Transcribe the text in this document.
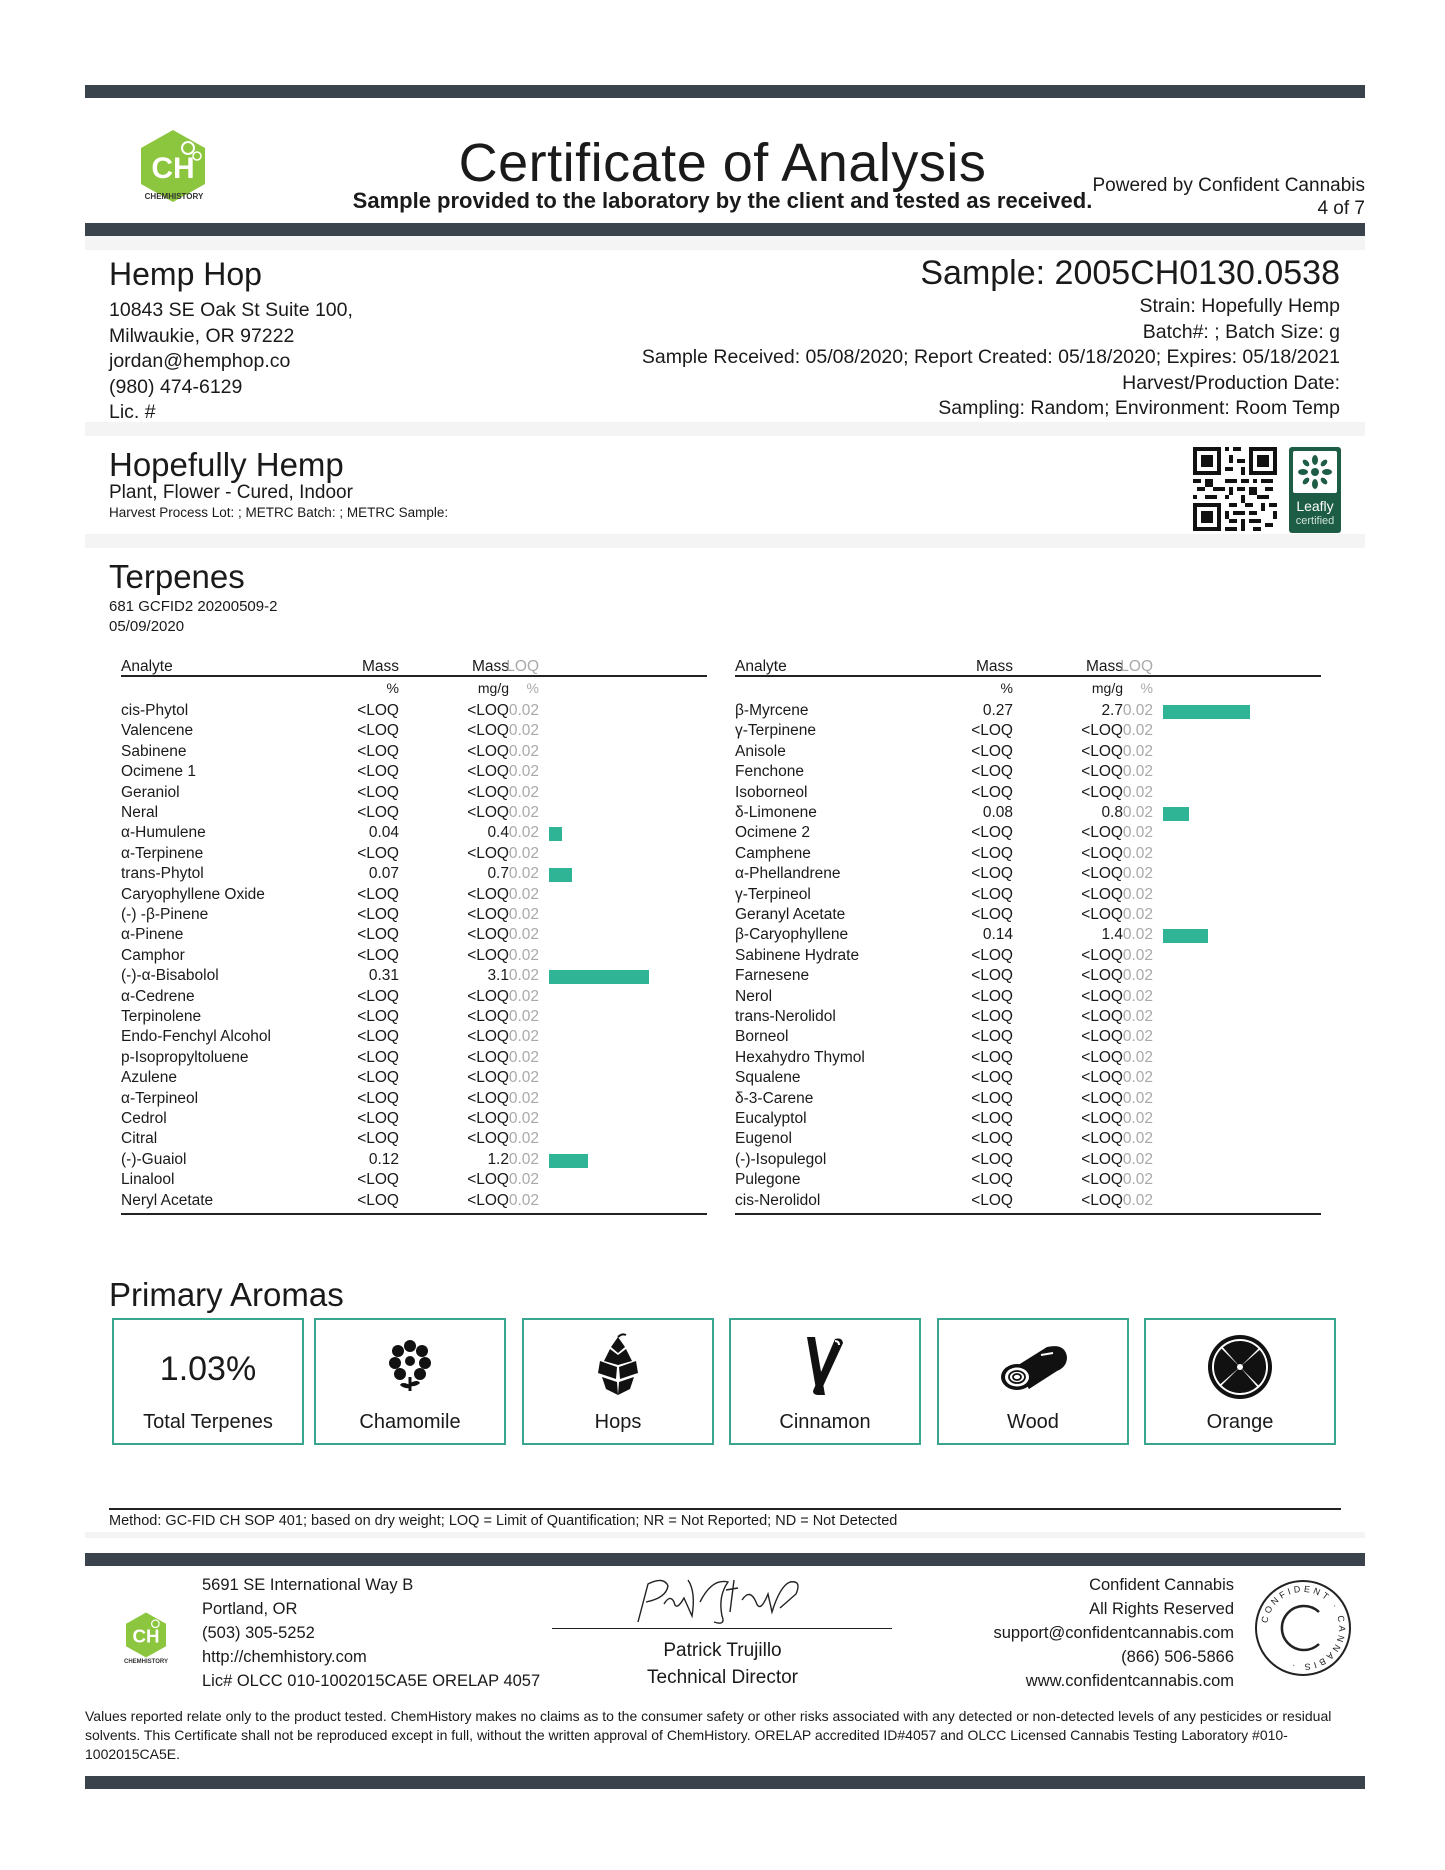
CH
CHEMHISTORY
Certificate of Analysis
Sample provided to the laboratory by the client and tested as received.
Powered by Confident Cannabis
4 of 7
Hemp Hop
10843 SE Oak St Suite 100,
Milwaukie, OR 97222
jordan@hemphop.co
(980) 474-6129
Lic. #
Sample: 2005CH0130.0538
Strain: Hopefully Hemp
Batch#: ; Batch Size: g
Sample Received: 05/08/2020; Report Created: 05/18/2020; Expires: 05/18/2021
Harvest/Production Date:
Sampling: Random; Environment: Room Temp
Hopefully Hemp
Plant, Flower - Cured, Indoor
Harvest Process Lot: ; METRC Batch: ; METRC Sample:	Leafly
certified
Terpenes
681 GCFID2 20200509-2
05/09/2020
Analyte	Mass	Mass
LOQ
%	mg/g	%
cis-Phytol	<LOQ	<LOQ 0.02
Valencene	<LOQ	<LOQ 0.02
Sabinene	<LOQ	<LOQ 0.02
Ocimene 1	<LOQ	<LOQ 0.02
Geraniol	<LOQ	<LOQ 0.02
Neral	<LOQ	<LOQ 0.02
α-Humulene	0.04	0.4 0.02
α-Terpinene	<LOQ	<LOQ 0.02
trans-Phytol	0.07	0.7 0.02
Caryophyllene Oxide	<LOQ	<LOQ 0.02
(-) -β-Pinene	<LOQ	<LOQ 0.02
α-Pinene	<LOQ	<LOQ 0.02
Camphor	<LOQ	<LOQ 0.02
(-)-α-Bisabolol	0.31	3.1 0.02
α-Cedrene	<LOQ	<LOQ 0.02
Terpinolene	<LOQ	<LOQ 0.02
Endo-Fenchyl Alcohol	<LOQ	<LOQ 0.02
p-Isopropyltoluene	<LOQ	<LOQ 0.02
Azulene	<LOQ	<LOQ 0.02
α-Terpineol	<LOQ	<LOQ 0.02
Cedrol	<LOQ	<LOQ 0.02
Citral	<LOQ	<LOQ 0.02
(-)-Guaiol	0.12	1.2 0.02
Linalool	<LOQ	<LOQ 0.02
Neryl Acetate	<LOQ	<LOQ 0.02
Analyte	Mass	Mass
LOQ
%	mg/g	%
β-Myrcene	0.27	2.7 0.02
γ-Terpinene	<LOQ	<LOQ 0.02
Anisole	<LOQ	<LOQ 0.02
Fenchone	<LOQ	<LOQ 0.02
Isoborneol	<LOQ	<LOQ 0.02
δ-Limonene	0.08	0.8 0.02
Ocimene 2	<LOQ	<LOQ 0.02
Camphene	<LOQ	<LOQ 0.02
α-Phellandrene	<LOQ	<LOQ 0.02
γ-Terpineol	<LOQ	<LOQ 0.02
Geranyl Acetate	<LOQ	<LOQ 0.02
β-Caryophyllene	0.14	1.4 0.02
Sabinene Hydrate	<LOQ	<LOQ 0.02
Farnesene	<LOQ	<LOQ 0.02
Nerol	<LOQ	<LOQ 0.02
trans-Nerolidol	<LOQ	<LOQ 0.02
Borneol	<LOQ	<LOQ 0.02
Hexahydro Thymol	<LOQ	<LOQ 0.02
Squalene	<LOQ	<LOQ 0.02
δ-3-Carene	<LOQ	<LOQ 0.02
Eucalyptol	<LOQ	<LOQ 0.02
Eugenol	<LOQ	<LOQ 0.02
(-)-Isopulegol	<LOQ	<LOQ 0.02
Pulegone	<LOQ	<LOQ 0.02
cis-Nerolidol	<LOQ	<LOQ 0.02
Primary Aromas
1.03%
Total Terpenes	Chamomile	Hops	Cinnamon	Wood	Orange
Method: GC-FID CH SOP 401; based on dry weight; LOQ = Limit of Quantification; NR = Not Reported; ND = Not Detected
CH
CHEMHISTORY
5691 SE International Way B
Portland, OR
(503) 305-5252
http://chemhistory.com
Lic# OLCC 010-1002015CA5E ORELAP 4057
Patrick Trujillo
Technical Director
Confident Cannabis
All Rights Reserved
support@confidentcannabis.com
(866) 506-5866
www.confidentcannabis.com
CONFIDENT · CANNABIS ·
Values reported relate only to the product tested. ChemHistory makes no claims as to the consumer safety or other risks associated with any detected or non-detected levels of any pesticides or residual solvents. This Certificate shall not be reproduced except in full, without the written approval of ChemHistory. ORELAP accredited ID#4057 and OLCC Licensed Cannabis Testing Laboratory #010-1002015CA5E.
